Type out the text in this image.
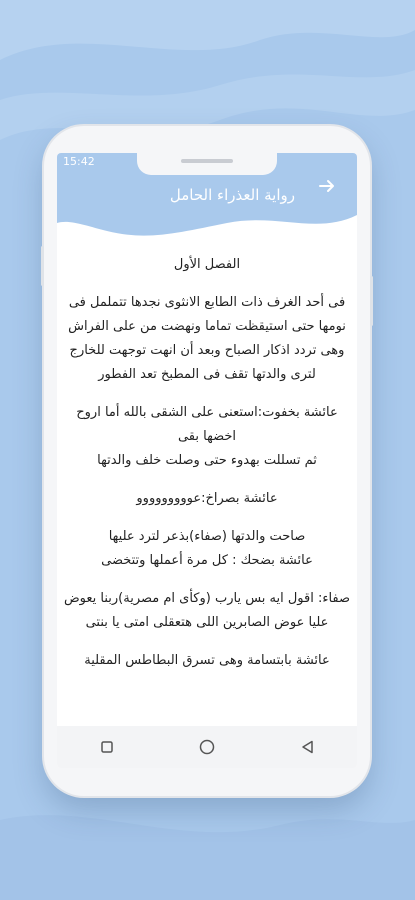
15:42
رواية العذراء الحامل

الفصل الأول

فى أحد الغرف ذات الطابع الانثوى نجدها تتململ فى نومها حتى استيقظت تماما ونهضت من على الفراش وهى تردد اذكار الصباح وبعد أن انهت توجهت للخارج لترى والدتها تقف فى المطبخ تعد الفطور

عائشة بخفوت:استعنى على الشقى بالله أما اروح اخضها بقى

ثم تسللت بهدوء حتى وصلت خلف والدتها

عائشة بصراخ:عووووووووو

صاحت والدتها (صفاء)بذعر لترد عليها

عائشة بضحك : كل مرة أعملها وتتخضى

صفاء: اقول ايه بس يارب (وكأى ام مصرية)ربنا يعوض عليا عوض الصابرين اللى هتعقلى امتى يا بنتى

عائشة بابتسامة وهى تسرق البطاطس المقلية
